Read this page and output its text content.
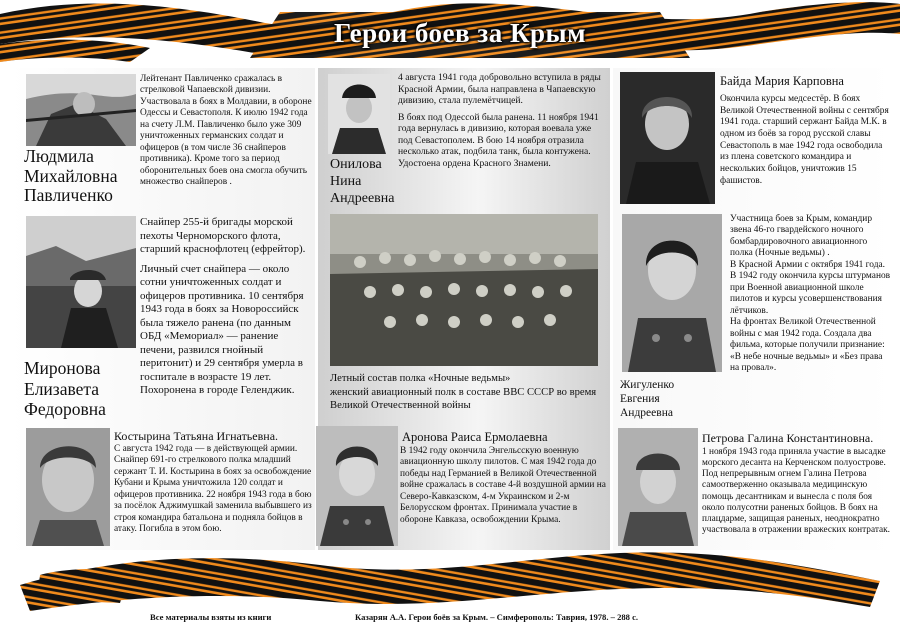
Герои боев за Крым
Людмила
Михайловна
Павличенко

Лейтенант Павличенко сражалась в стрелковой Чапаевской дивизии. Участвовала в боях в Молдавии, в обороне Одессы и Севастополя. К июлю 1942 года на счету Л.М. Павличенко было уже 309 уничтоженных германских солдат и офицеров (в том числе 36 снайперов противника). Кроме того за период оборонительных боев она смогла обучить множество снайперов .

Миронова
Елизавета
Федоровна

Снайпер 255-й бригады морской пехоты Черноморского флота, старший краснофлотец (ефрейтор).

Личный счет снайпера — около сотни уничтоженных солдат и офицеров противника. 10 сентября 1943 года в боях за Новороссийск была тяжело ранена (по данным ОБД «Мемориал» — ранение печени, развился гнойный перитонит) и 29 сентября умерла в госпитале в возрасте 19 лет. Похоронена в городе Геленджик.

Костырина Татьяна Игнатьевна.

С августа 1942 года — в действующей армии. Снайпер 691-го стрелкового полка младший сержант Т. И. Костырина в боях за освобождение Кубани и Крыма уничтожила 120 солдат и офицеров противника. 22 ноября 1943 года в бою за посёлок Аджимушкай заменила выбывшего из строя командира батальона и подняла бойцов в атаку. Погибла в этом бою.

Онилова
Нина
Андреевна

4 августа 1941 года добровольно вступила в ряды Красной Армии, была направлена в Чапаевскую дивизию, стала пулемётчицей.

В боях под Одессой была ранена. 11 ноября 1941 года вернулась в дивизию, которая воевала уже под Севастополем. В бою 14 ноября отразила несколько атак, подбила танк, была контужена. Удостоена ордена Красного Знамени.

Летный состав полка «Ночные ведьмы»
женский авиационный полк в составе ВВС СССР во время Великой Отечественной войны
Аронова Раиса Ермолаевна

В 1942 году окончила Энгельсскую военную авиационную школу пилотов. С мая 1942 года до победы над Германией в Великой Отечественной войне сражалась в составе 4-й воздушной армии на Северо-Кавказском, 4-м Украинском и 2-м Белорусском фронтах. Принимала участие в обороне Кавказа, освобождении Крыма.

Байда Мария Карповна

Окончила курсы медсестёр. В боях Великой Отечественной войны с сентября 1941 года. старший сержант Байда М.К. в одном из боёв за город русской славы Севастополь в мае 1942 года освободила из плена советского командира и нескольких бойцов, уничтожив 15 фашистов.

Жигуленко
Евгения
Андреевна

Участница боев за Крым, командир звена 46-го гвардейского ночного бомбардировочного авиационного полка (Ночные ведьмы) .

В Красной Армии с октября 1941 года. В 1942 году окончила курсы штурманов при Военной авиационной школе пилотов и курсы усовершенствования лётчиков.

На фронтах Великой Отечественной войны с мая 1942 года. Создала два фильма, которые получили признание: «В небе ночные ведьмы» и «Без права на провал».

Петрова Галина Константиновна.

1 ноября 1943 года приняла участие в высадке морского десанта на Керченском полуострове. Под непрерывным огнем Галина Петрова самоотверженно оказывала медицинскую помощь десантникам и вынесла с поля боя около полусотни раненых бойцов. В боях на плацдарме, защищая раненых, неоднократно участвовала в отражении вражеских контратак.

Все материалы взяты из книги	Казарян А.А. Герои боёв за Крым. – Симферополь: Таврия, 1978. – 288 с.
